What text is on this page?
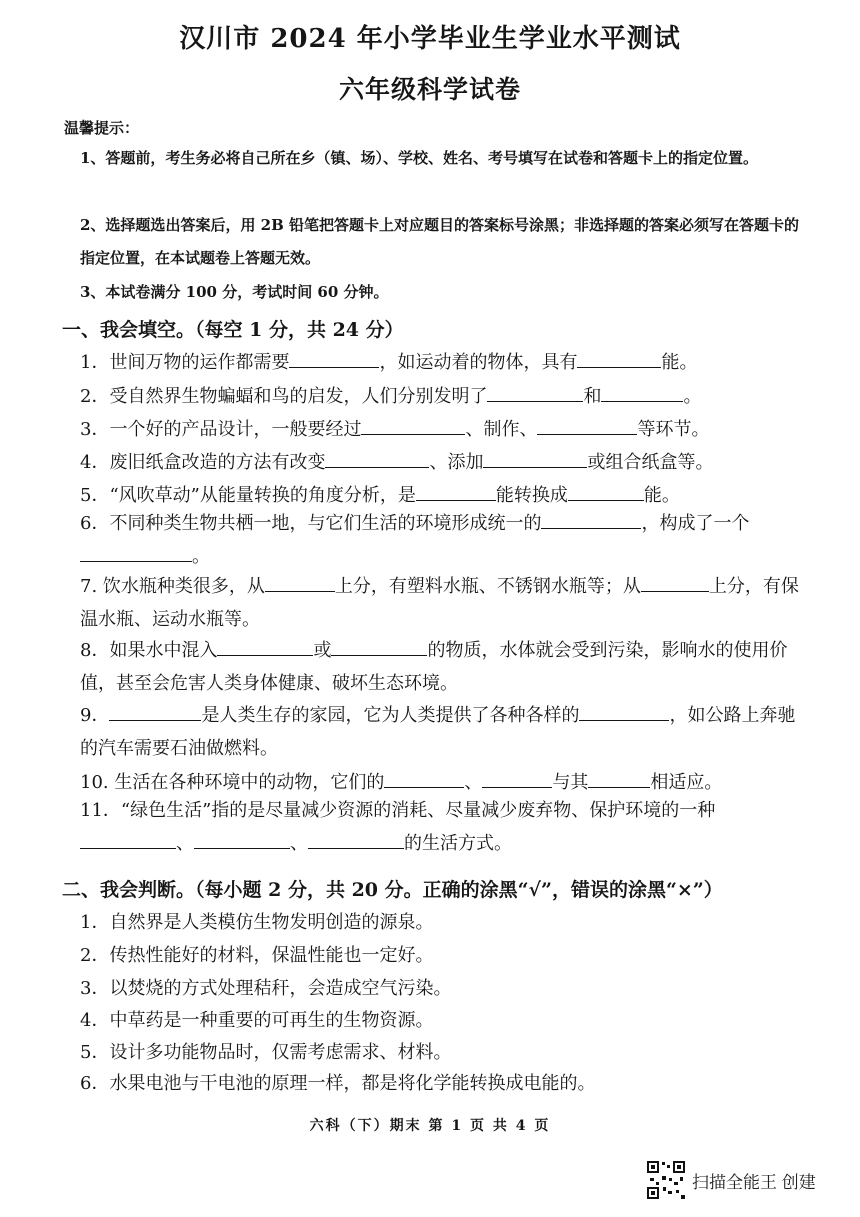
汉川市 2024 年小学毕业生学业水平测试
六年级科学试卷
温馨提示：
1、答题前，考生务必将自己所在乡（镇、场）、学校、姓名、考号填写在试卷和答题卡上的指定位置。
2、选择题选出答案后，用 2B 铅笔把答题卡上对应题目的答案标号涂黑；非选择题的答案必须写在答题卡的指定位置，在本试题卷上答题无效。
3、本试卷满分 100 分，考试时间 60 分钟。
一、我会填空。（每空 1 分，共 24 分）
1．世间万物的运作都需要	，如运动着的物体，具有	能。
2．受自然界生物蝙蝠和鸟的启发，人们分别发明了	和	。
3．一个好的产品设计，一般要经过	、制作、	等环节。
4．废旧纸盒改造的方法有改变	、添加	或组合纸盒等。
5．“风吹草动”从能量转换的角度分析，是	能转换成	能。
6．不同种类生物共栖一地，与它们生活的环境形成统一的	，构成了一个。
7. 饮水瓶种类很多，从	上分，有塑料水瓶、不锈钢水瓶等；从	上分，有保温水瓶、运动水瓶等。
8．如果水中混入	或	的物质，水体就会受到污染，影响水的使用价值，甚至会危害人类身体健康、破坏生态环境。
9．	是人类生存的家园，它为人类提供了各种各样的	，如公路上奔驰的汽车需要石油做燃料。
10. 生活在各种环境中的动物，它们的	、	与其	相适应。
11．“绿色生活”指的是尽量减少资源的消耗、尽量减少废弃物、保护环境的一种、	、	的生活方式。
二、我会判断。（每小题 2 分，共 20 分。正确的涂黑“√”，错误的涂黑“×”）
1．自然界是人类模仿生物发明创造的源泉。
2．传热性能好的材料，保温性能也一定好。
3．以焚烧的方式处理秸秆，会造成空气污染。
4．中草药是一种重要的可再生的生物资源。
5．设计多功能物品时，仅需考虑需求、材料。
6．水果电池与干电池的原理一样，都是将化学能转换成电能的。
六科（下）期末 第 1 页 共 4 页
扫描全能王 创建
